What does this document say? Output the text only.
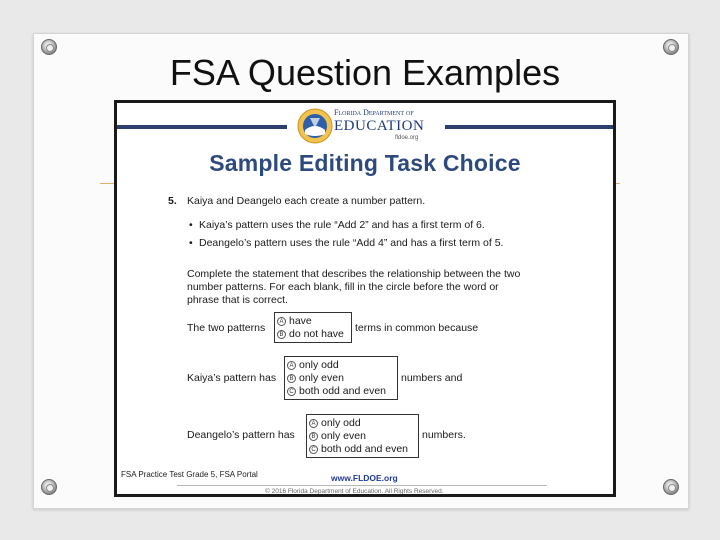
FSA Question Examples
Florida Department of
EDUCATION
fldoe.org
Sample Editing Task Choice
5. Kaiya and Deangelo each create a number pattern.
• Kaiya’s pattern uses the rule “Add 2” and has a first term of 6.
• Deangelo’s pattern uses the rule “Add 4” and has a first term of 5.
Complete the statement that describes the relationship between the two
number patterns. For each blank, fill in the circle before the word or
phrase that is correct.
The two patterns	A have
B do not have terms in common because
Kaiya’s pattern has
A only odd
B only even
C both odd and even
numbers and
Deangelo’s pattern has
A only odd
B only even
C both odd and even
numbers.
FSA Practice Test Grade 5, FSA Portal	www.FLDOE.org
© 2016 Florida Department of Education. All Rights Reserved.
